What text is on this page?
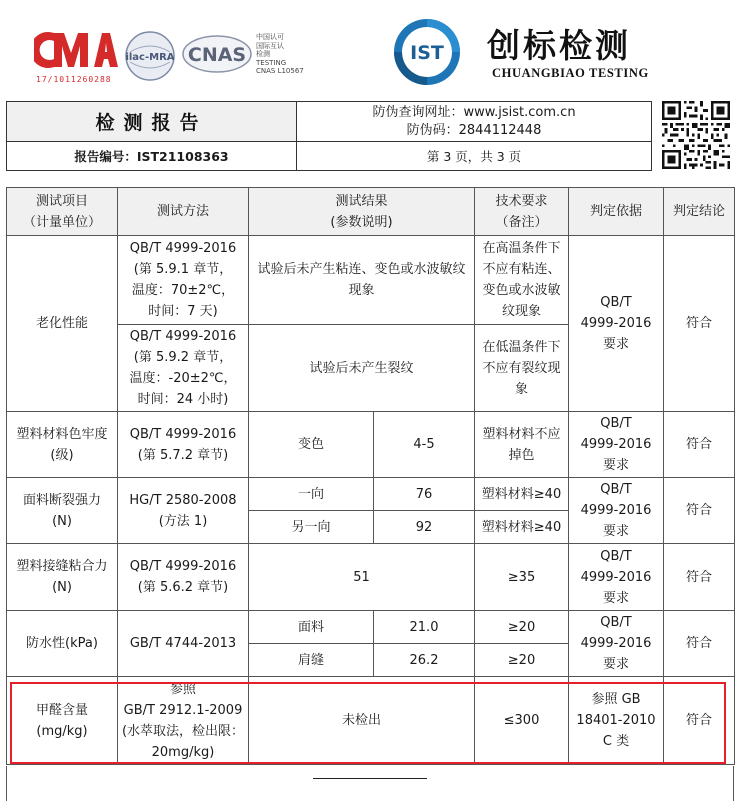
17/1011260288
ilac-MRA CNAS
中国认可
国际互认
检测
TESTING
CNAS L10567
IST 创标检测
CHUANGBIAO TESTING
检测报告	防伪查询网址：www.jsist.com.cn
防伪码：2844112448
报告编号：IST21108363	第 3 页，共 3 页
测试项目
（计量单位）	测试方法	测试结果
(参数说明)		技术要求
（备注）	判定依据	判定结论

老化性能	QB/T 4999-2016
(第 5.9.1 章节，
温度：70±2℃，
时间：7 天)	试验后未产生粘连、变色或水波敏纹现象		在高温条件下不应有粘连、变色或水波敏纹现象	QB/T
4999-2016
要求	符合

	QB/T 4999-2016
(第 5.9.2 章节，
温度：-20±2℃，
时间：24 小时)	试验后未产生裂纹		在低温条件下不应有裂纹现象		

塑料材料色牢度
(级)	QB/T 4999-2016
(第 5.7.2 章节)	变色	4-5	塑料材料不应掉色	QB/T
4999-2016
要求	符合

面料断裂强力
(N)	HG/T 2580-2008
(方法 1)	一向	76	塑料材料≥40	QB/T
4999-2016
要求	符合
		另一向	92	塑料材料≥40		

塑料接缝粘合力
(N)	QB/T 4999-2016
(第 5.6.2 章节)	51		≥35	QB/T
4999-2016
要求	符合
防水性(kPa)	GB/T 4744-2013	面料	21.0	≥20	QB/T
4999-2016
要求	符合
		肩缝	26.2	≥20		

甲醛含量
(mg/kg)	参照
GB/T 2912.1-2009
(水萃取法，检出限：
20mg/kg)	未检出		≤300	参照 GB
18401-2010
C 类	符合
